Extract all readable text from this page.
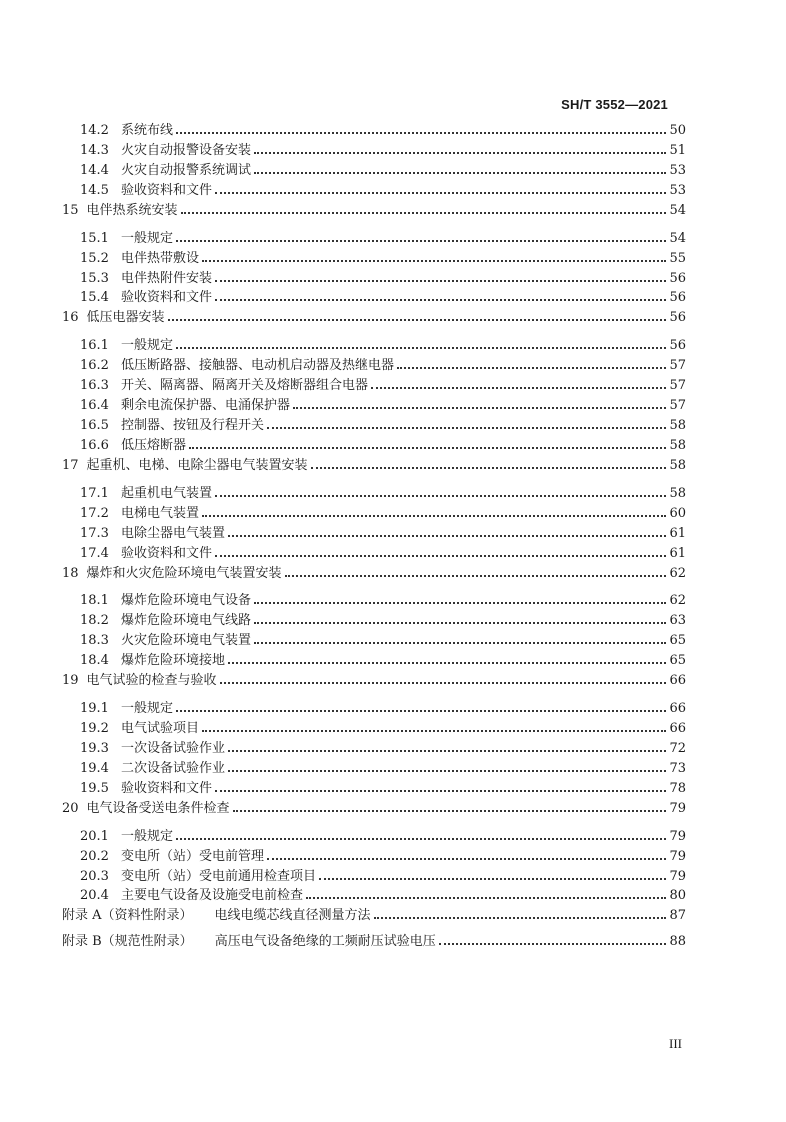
SH/T 3552—2021
14.2 系统布线	50
14.3 火灾自动报警设备安装	51
14.4 火灾自动报警系统调试	53
14.5 验收资料和文件	53
15 电伴热系统安装	54
15.1 一般规定	54
15.2 电伴热带敷设	55
15.3 电伴热附件安装	56
15.4 验收资料和文件	56
16 低压电器安装	56
16.1 一般规定	56
16.2 低压断路器、接触器、电动机启动器及热继电器	57
16.3 开关、隔离器、隔离开关及熔断器组合电器	57
16.4 剩余电流保护器、电涌保护器	57
16.5 控制器、按钮及行程开关	58
16.6 低压熔断器	58
17 起重机、电梯、电除尘器电气装置安装	58
17.1 起重机电气装置	58
17.2 电梯电气装置	60
17.3 电除尘器电气装置	61
17.4 验收资料和文件	61
18 爆炸和火灾危险环境电气装置安装	62
18.1 爆炸危险环境电气设备	62
18.2 爆炸危险环境电气线路	63
18.3 火灾危险环境电气装置	65
18.4 爆炸危险环境接地	65
19 电气试验的检查与验收	66
19.1 一般规定	66
19.2 电气试验项目	66
19.3 一次设备试验作业	72
19.4 二次设备试验作业	73
19.5 验收资料和文件	78
20 电气设备受送电条件检查	79
20.1 一般规定	79
20.2 变电所（站）受电前管理	79
20.3 变电所（站）受电前通用检查项目	79
20.4 主要电气设备及设施受电前检查	80
附录 A（资料性附录） 电线电缆芯线直径测量方法	87
附录 B（规范性附录） 高压电气设备绝缘的工频耐压试验电压	88
III
